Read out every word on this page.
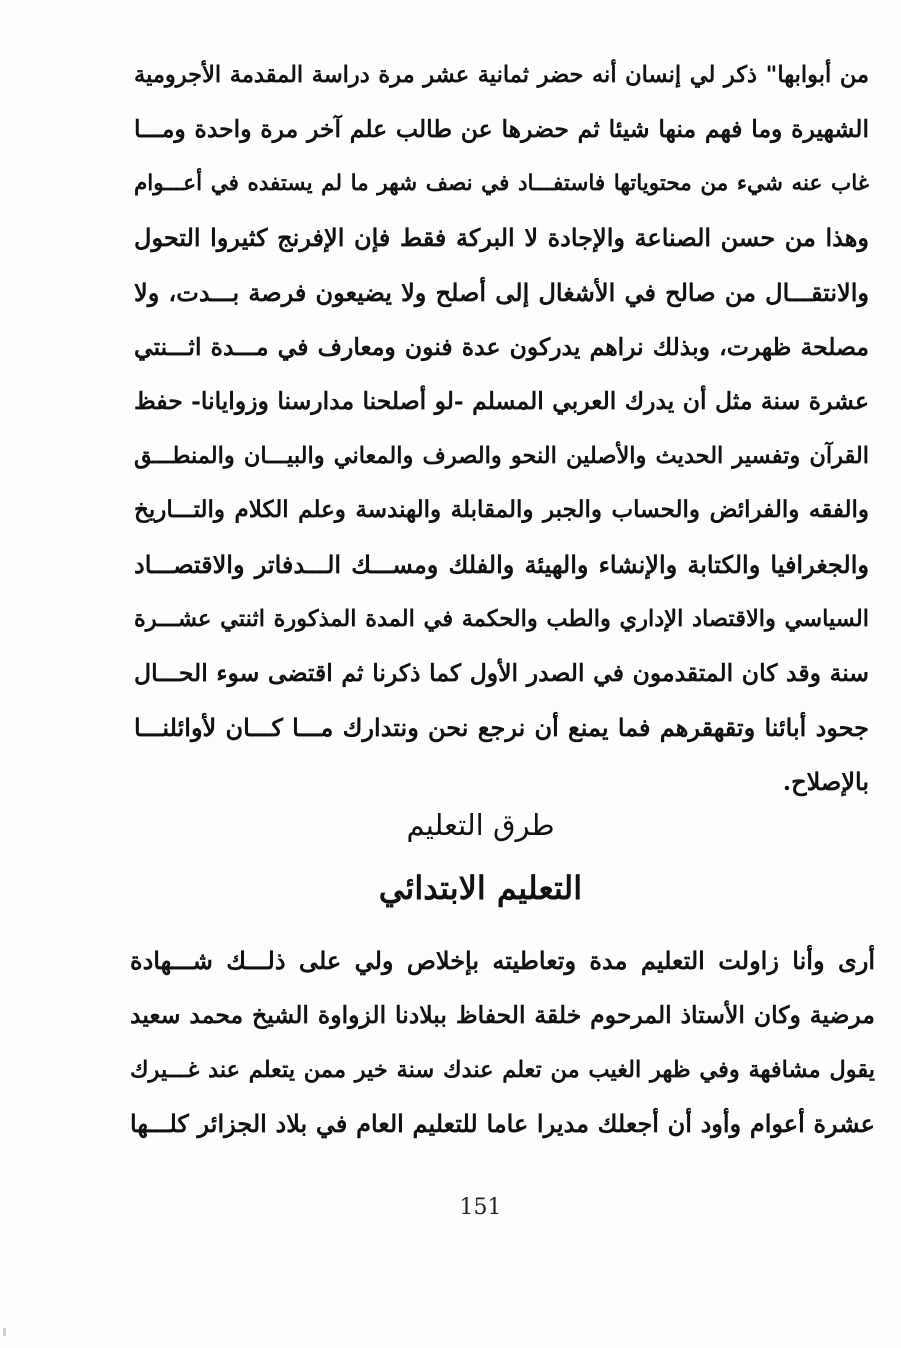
من أبوابها" ذكر لي إنسان أنه حضر ثمانية عشر مرة دراسة المقدمة الأجرومية
الشهيرة وما فهم منها شيئا ثم حضرها عن طالب علم آخر مرة واحدة ومـــا
غاب عنه شيء من محتوياتها فاستفـــاد في نصف شهر ما لم يستفده في أعـــوام
وهذا من حسن الصناعة والإجادة لا البركة فقط فإن الإفرنج كثيروا التحول
والانتقـــال من صالح في الأشغال إلى أصلح ولا يضيعون فرصة بـــدت، ولا
مصلحة ظهرت، وبذلك نراهم يدركون عدة فنون ومعارف في مـــدة اثـــنتي
عشرة سنة مثل أن يدرك العربي المسلم -لو أصلحنا مدارسنا وزوايانا- حفظ
القرآن وتفسير الحديث والأصلين النحو والصرف والمعاني والبيـــان والمنطـــق
والفقه والفرائض والحساب والجبر والمقابلة والهندسة وعلم الكلام والتـــاريخ
والجغرافيا والكتابة والإنشاء والهيئة والفلك ومســـك الـــدفاتر والاقتصـــاد
السياسي والاقتصاد الإداري والطب والحكمة في المدة المذكورة اثنتي عشـــرة
سنة وقد كان المتقدمون في الصدر الأول كما ذكرنا ثم اقتضى سوء الحـــال
جحود أبائنا وتقهقرهم فما يمنع أن نرجع نحن ونتدارك مـــا كـــان لأوائلنـــا
بالإصلاح.
طرق التعليم
التعليم الابتدائي
أرى وأنا زاولت التعليم مدة وتعاطيته بإخلاص ولي على ذلـــك شـــهادة
مرضية وكان الأستاذ المرحوم خلقة الحفاظ ببلادنا الزواوة الشيخ محمد سعيد
يقول مشافهة وفي ظهر الغيب من تعلم عندك سنة خير ممن يتعلم عند غـــيرك
عشرة أعوام وأود أن أجعلك مديرا عاما للتعليم العام في بلاد الجزائر كلـــها
151
